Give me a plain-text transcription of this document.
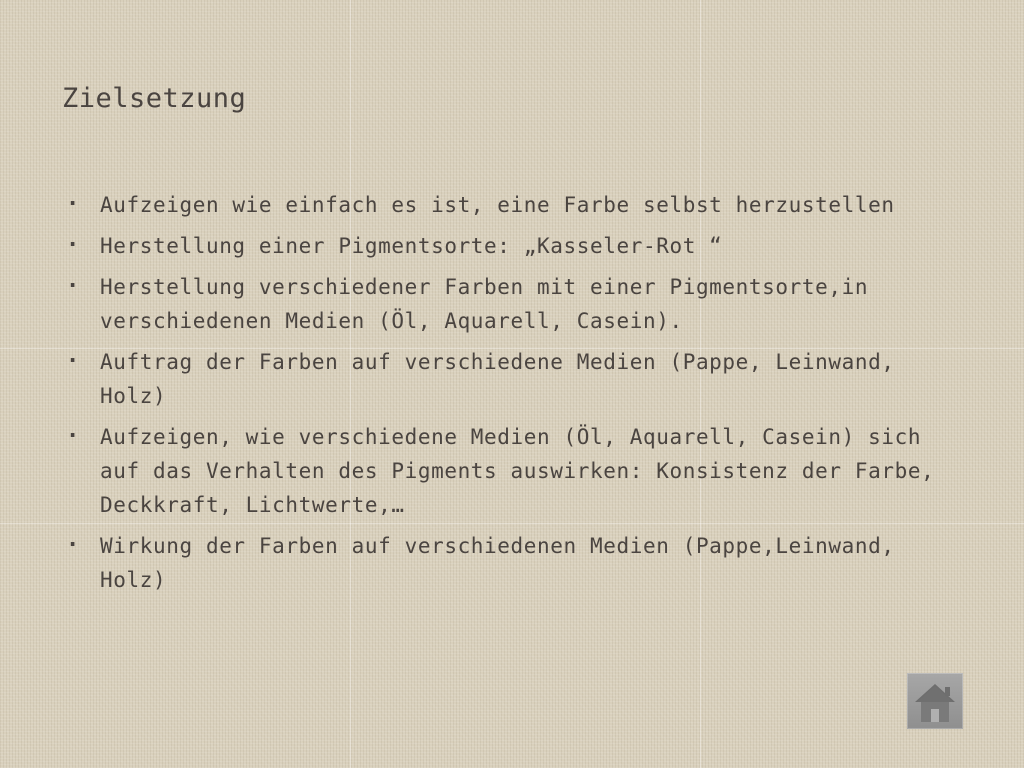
Zielsetzung
· Aufzeigen wie einfach es ist, eine Farbe selbst herzustellen
· Herstellung einer Pigmentsorte: „Kasseler-Rot “
· Herstellung verschiedener Farben mit einer Pigmentsorte,in verschiedenen Medien (Öl, Aquarell, Casein).
· Auftrag der Farben auf verschiedene Medien (Pappe, Leinwand, Holz)
· Aufzeigen, wie verschiedene Medien (Öl, Aquarell, Casein) sich auf das Verhalten des Pigments auswirken: Konsistenz der Farbe, Deckkraft, Lichtwerte,…
· Wirkung der Farben auf verschiedenen Medien (Pappe,Leinwand, Holz)
